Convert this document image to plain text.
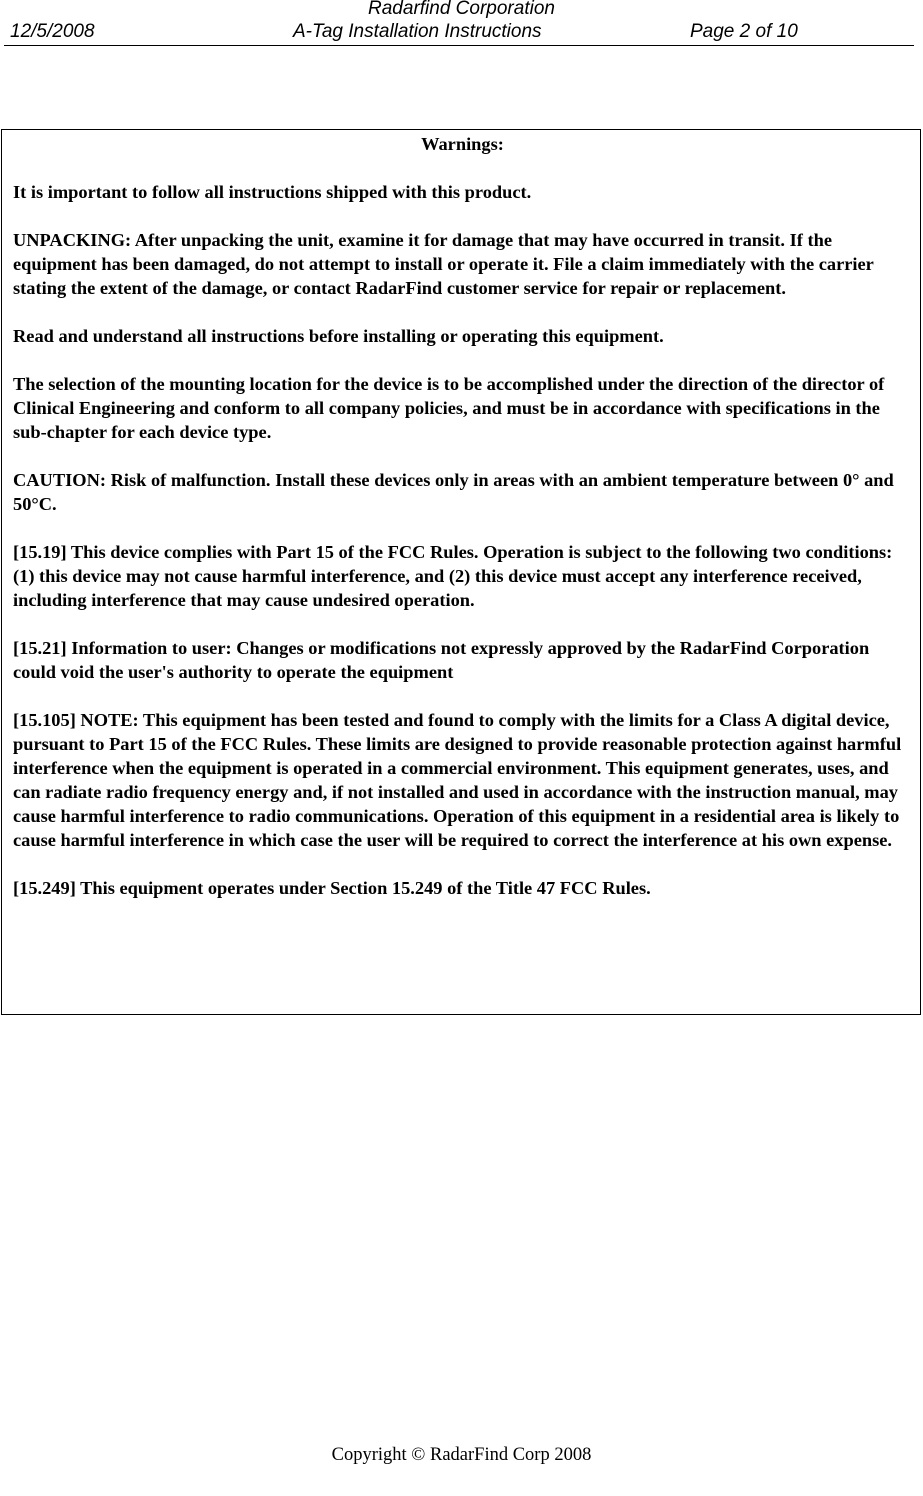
Radarfind Corporation
12/5/2008	A-Tag Installation Instructions	Page 2 of 10
Warnings:

It is important to follow all instructions shipped with this product.

UNPACKING: After unpacking the unit, examine it for damage that may have occurred in transit. If the equipment has been damaged, do not attempt to install or operate it. File a claim immediately with the carrier stating the extent of the damage, or contact RadarFind customer service for repair or replacement.

Read and understand all instructions before installing or operating this equipment.

The selection of the mounting location for the device is to be accomplished under the direction of the director of Clinical Engineering and conform to all company policies, and must be in accordance with specifications in the sub-chapter for each device type.

CAUTION: Risk of malfunction. Install these devices only in areas with an ambient temperature between 0° and 50°C.

[15.19] This device complies with Part 15 of the FCC Rules. Operation is subject to the following two conditions: (1) this device may not cause harmful interference, and (2) this device must accept any interference received, including interference that may cause undesired operation.

[15.21] Information to user: Changes or modifications not expressly approved by the RadarFind Corporation could void the user's authority to operate the equipment

[15.105] NOTE: This equipment has been tested and found to comply with the limits for a Class A digital device, pursuant to Part 15 of the FCC Rules. These limits are designed to provide reasonable protection against harmful interference when the equipment is operated in a commercial environment. This equipment generates, uses, and can radiate radio frequency energy and, if not installed and used in accordance with the instruction manual, may cause harmful interference to radio communications. Operation of this equipment in a residential area is likely to cause harmful interference in which case the user will be required to correct the interference at his own expense.

[15.249] This equipment operates under Section 15.249 of the Title 47 FCC Rules.

Copyright © RadarFind Corp 2008
